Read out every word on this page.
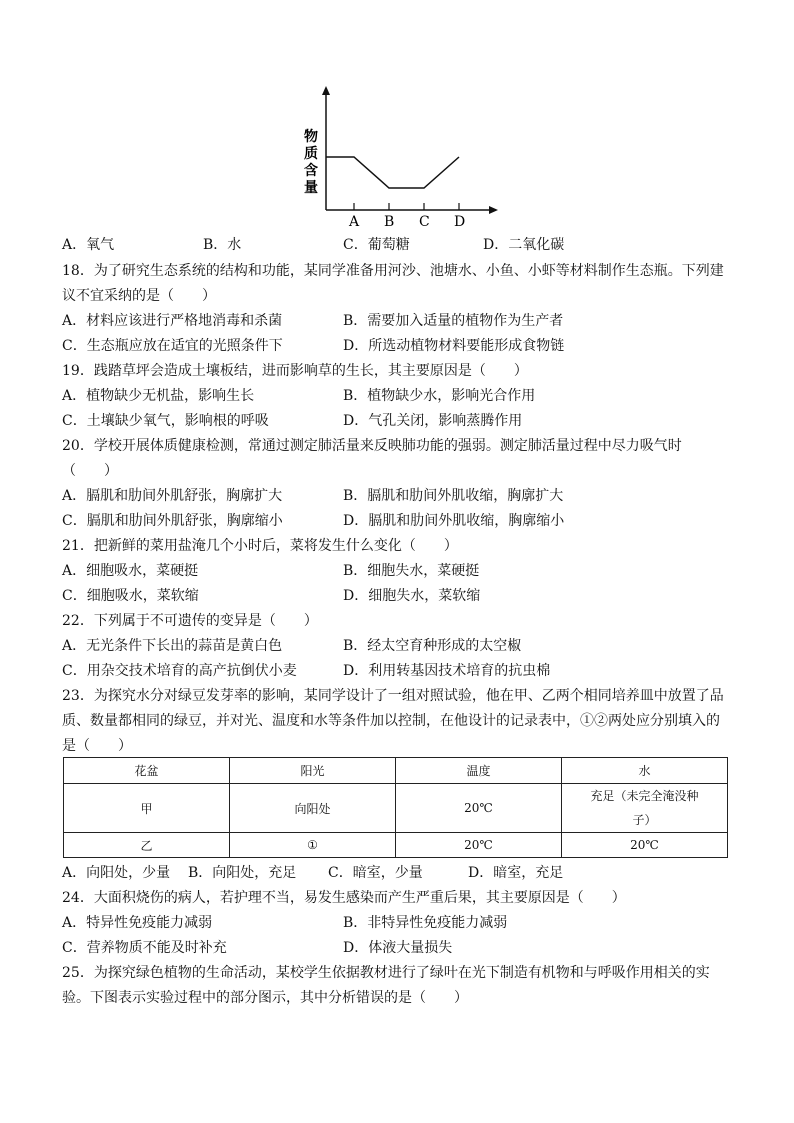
物
质
含
量
A B C D
A．氧气	B．水	C．葡萄糖	D．二氧化碳
18．为了研究生态系统的结构和功能，某同学准备用河沙、池塘水、小鱼、小虾等材料制作生态瓶。下列建
议不宜采纳的是（　　）
A．材料应该进行严格地消毒和杀菌	B．需要加入适量的植物作为生产者
C．生态瓶应放在适宜的光照条件下	D．所选动植物材料要能形成食物链
19．践踏草坪会造成土壤板结，进而影响草的生长，其主要原因是（　　）
A．植物缺少无机盐，影响生长	B．植物缺少水，影响光合作用
C．土壤缺少氧气，影响根的呼吸	D．气孔关闭，影响蒸腾作用
20．学校开展体质健康检测，常通过测定肺活量来反映肺功能的强弱。测定肺活量过程中尽力吸气时
（　　）
A．膈肌和肋间外肌舒张，胸廓扩大	B．膈肌和肋间外肌收缩，胸廓扩大
C．膈肌和肋间外肌舒张，胸廓缩小	D．膈肌和肋间外肌收缩，胸廓缩小
21．把新鲜的菜用盐淹几个小时后，菜将发生什么变化（　　）
A．细胞吸水，菜硬挺	B．细胞失水，菜硬挺
C．细胞吸水，菜软缩	D．细胞失水，菜软缩
22．下列属于不可遗传的变异是（　　）
A．无光条件下长出的蒜苗是黄白色	B．经太空育种形成的太空椒
C．用杂交技术培育的高产抗倒伏小麦	D．利用转基因技术培育的抗虫棉
23．为探究水分对绿豆发芽率的影响，某同学设计了一组对照试验，他在甲、乙两个相同培养皿中放置了品
质、数量都相同的绿豆，并对光、温度和水等条件加以控制，在他设计的记录表中，①②两处应分别填入的
是（　　）
花盆	阳光	温度	水
甲	向阳处	20℃	充足（未完全淹没种
子）

乙	①	20℃	20℃
A．向阳处，少量 B．向阳处，充足 C．暗室，少量	D．暗室，充足
24．大面积烧伤的病人，若护理不当，易发生感染而产生严重后果，其主要原因是（　　）
A．特异性免疫能力减弱	B．非特异性免疫能力减弱
C．营养物质不能及时补充	D．体液大量损失
25．为探究绿色植物的生命活动，某校学生依据教材进行了绿叶在光下制造有机物和与呼吸作用相关的实
验。下图表示实验过程中的部分图示，其中分析错误的是（　　）
